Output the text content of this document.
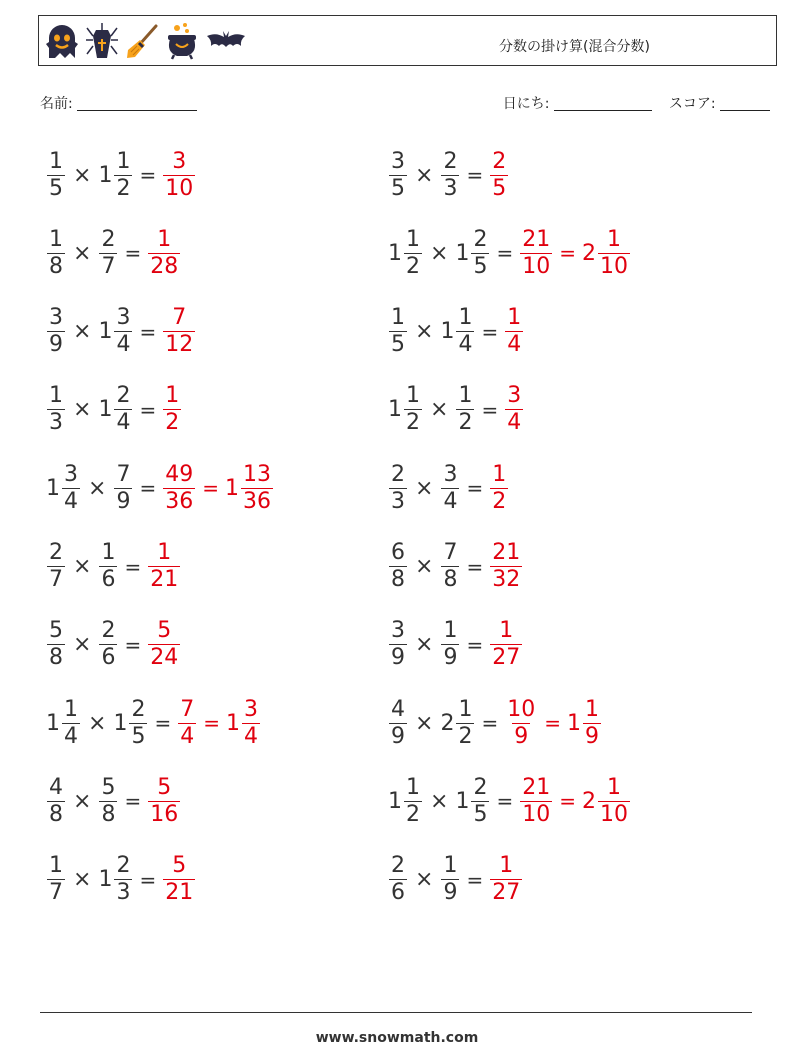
分数の掛け算(混合分数)
名前:	日にち:	スコア:
$\frac{1}{5} \times 1 \frac{1}{2} = \frac{3}{10}$	$\frac{3}{5} \times \frac{2}{3} = \frac{2}{5}$
$\frac{1}{8} \times \frac{2}{7} = \frac{1}{28}$	$1 \frac{1}{2} \times 1 \frac{2}{5} = \frac{21}{10} = 2 \frac{1}{10}$
$\frac{3}{9} \times 1 \frac{3}{4} = \frac{7}{12}$	$\frac{1}{5} \times 1 \frac{1}{4} = \frac{1}{4}$
$\frac{1}{3} \times 1 \frac{2}{4} = \frac{1}{2}$	$1 \frac{1}{2} \times \frac{1}{2} = \frac{3}{4}$
$1 \frac{3}{4} \times \frac{7}{9} = \frac{49}{36} = 1 \frac{13}{36}$	$\frac{2}{3} \times \frac{3}{4} = \frac{1}{2}$
$\frac{2}{7} \times \frac{1}{6} = \frac{1}{21}$	$\frac{6}{8} \times \frac{7}{8} = \frac{21}{32}$
$\frac{5}{8} \times \frac{2}{6} = \frac{5}{24}$	$\frac{3}{9} \times \frac{1}{9} = \frac{1}{27}$
$1 \frac{1}{4} \times 1 \frac{2}{5} = \frac{7}{4} = 1 \frac{3}{4}$	$\frac{4}{9} \times 2 \frac{1}{2} = \frac{10}{9} = 1 \frac{1}{9}$
$\frac{4}{8} \times \frac{5}{8} = \frac{5}{16}$	$1 \frac{1}{2} \times 1 \frac{2}{5} = \frac{21}{10} = 2 \frac{1}{10}$
$\frac{1}{7} \times 1 \frac{2}{3} = \frac{5}{21}$	$\frac{2}{6} \times \frac{1}{9} = \frac{1}{27}$
www.snowmath.com
